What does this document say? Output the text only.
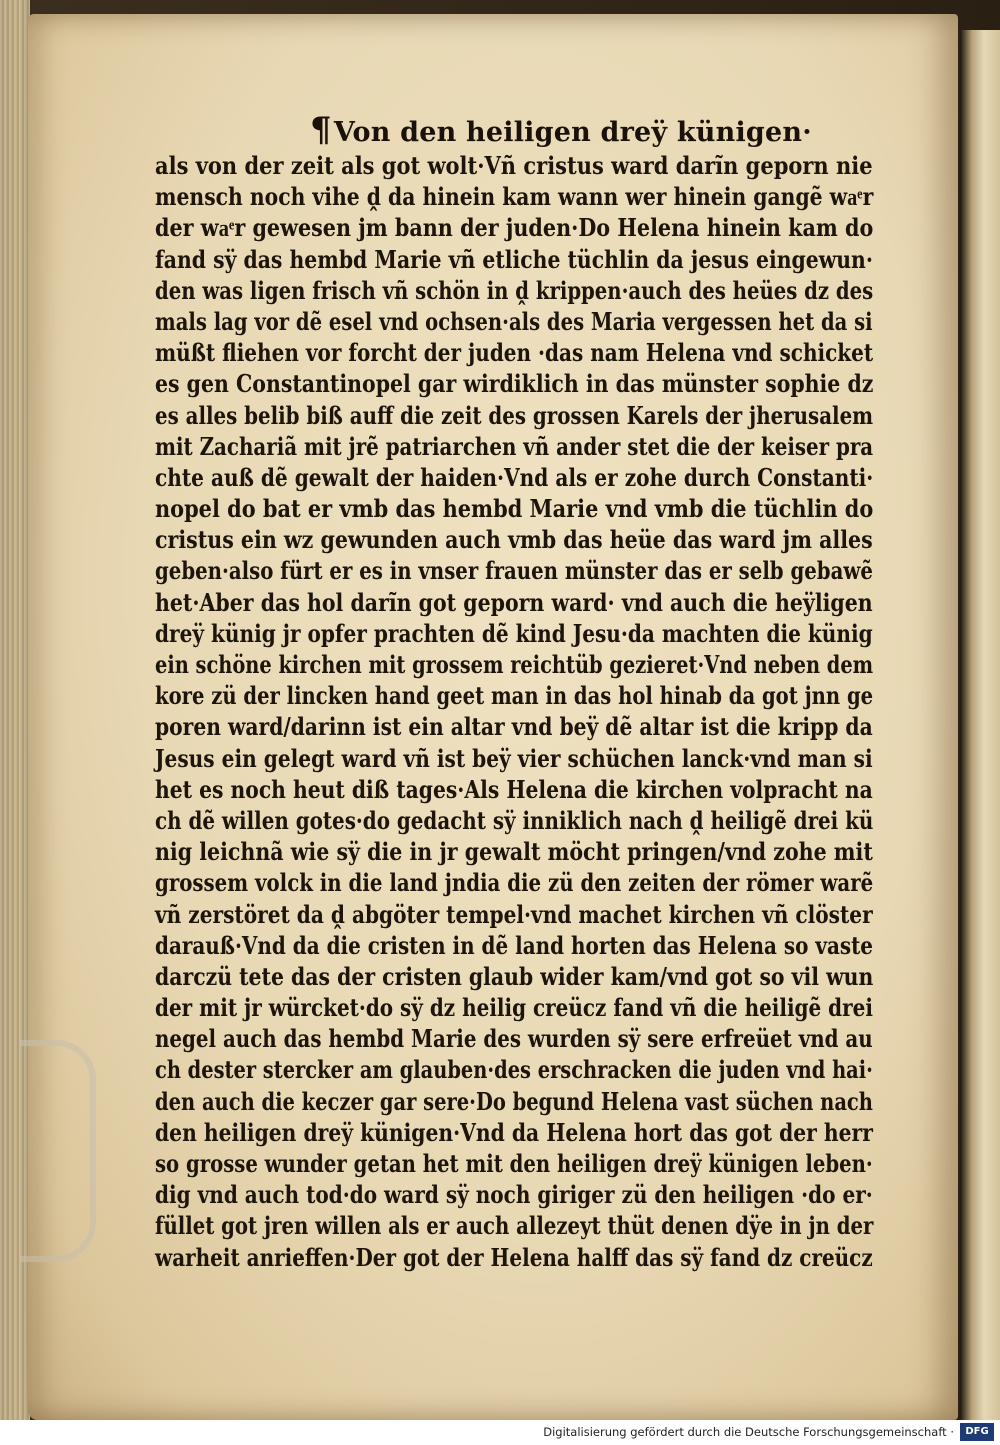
¶Von den heiligen dreÿ künigen·
als von der zeit als got wolt·Vñ cristus ward darĩn geporn nie
mensch noch vihe ḓ da hinein kam wann wer hinein gangẽ waͤr
der waͤr gewesen jm bann der juden·Do Helena hinein kam do
fand sÿ das hembd Marie vñ etliche tüchlin da jesus eingewun·
den was ligen frisch vñ schön in ḓ krippen·auch des heües dz des
mals lag vor dẽ esel vnd ochsen·als des Maria vergessen het da si
müßt fliehen vor forcht der juden ·das nam Helena vnd schicket
es gen Constantinopel gar wirdiklich in das münster sophie dz
es alles belib biß auff die zeit des grossen Karels der jherusalem
mit Zachariã mit jrẽ patriarchen vñ ander stet die der keiser pra
chte auß dẽ gewalt der haiden·Vnd als er zohe durch Constanti·
nopel do bat er vmb das hembd Marie vnd vmb die tüchlin do
cristus ein wz gewunden auch vmb das heüe das ward jm alles
geben·also fürt er es in vnser frauen münster das er selb gebawẽ
het·Aber das hol darĩn got geporn ward· vnd auch die heÿligen
dreÿ künig jr opfer prachten dẽ kind Jesu·da machten die künig
ein schöne kirchen mit grossem reichtüb gezieret·Vnd neben dem
kore zü der lincken hand geet man in das hol hinab da got jnn ge
poren ward/darinn ist ein altar vnd beÿ dẽ altar ist die kripp da
Jesus ein gelegt ward vñ ist beÿ vier schüchen lanck·vnd man si
het es noch heut diß tages·Als Helena die kirchen volpracht na
ch dẽ willen gotes·do gedacht sÿ inniklich nach ḓ heiligẽ drei kü
nig leichnã wie sÿ die in jr gewalt möcht pringen/vnd zohe mit
grossem volck in die land jndia die zü den zeiten der römer warẽ
vñ zerstöret da ḓ abgöter tempel·vnd machet kirchen vñ clöster
darauß·Vnd da die cristen in dẽ land horten das Helena so vaste
darczü tete das der cristen glaub wider kam/vnd got so vil wun
der mit jr würcket·do sÿ dz heilig creücz fand vñ die heiligẽ drei
negel auch das hembd Marie des wurden sÿ sere erfreüet vnd au
ch dester stercker am glauben·des erschracken die juden vnd hai·
den auch die keczer gar sere·Do begund Helena vast süchen nach
den heiligen dreÿ künigen·Vnd da Helena hort das got der herr
so grosse wunder getan het mit den heiligen dreÿ künigen leben·
dig vnd auch tod·do ward sÿ noch giriger zü den heiligen ·do er·
füllet got jren willen als er auch allezeyt thüt denen dÿe in jn der
warheit anrieffen·Der got der Helena halff das sÿ fand dz creücz
Digitalisierung gefördert durch die Deutsche Forschungsgemeinschaft ·	DFG
